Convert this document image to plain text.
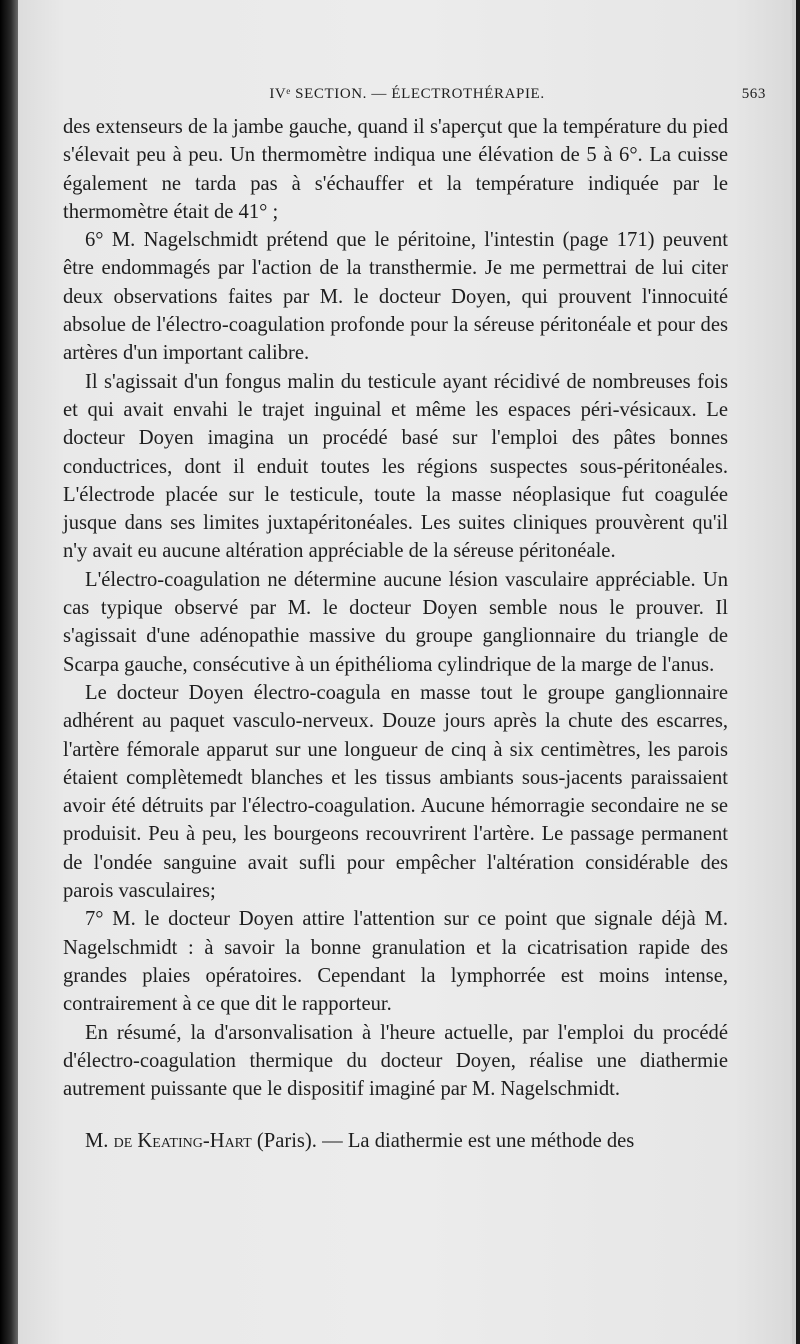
IVᵉ SECTION. — ÉLECTROTHÉRAPIE.	563

des extenseurs de la jambe gauche, quand il s'aperçut que la température du pied s'élevait peu à peu. Un thermomètre indiqua une élévation de 5 à 6°. La cuisse également ne tarda pas à s'échauffer et la température indiquée par le thermomètre était de 41° ;

6° M. Nagelschmidt prétend que le péritoine, l'intestin (page 171) peuvent être endommagés par l'action de la transthermie. Je me permettrai de lui citer deux observations faites par M. le docteur Doyen, qui prouvent l'innocuité absolue de l'électro-coagulation profonde pour la séreuse péritonéale et pour des artères d'un important calibre.

Il s'agissait d'un fongus malin du testicule ayant récidivé de nombreuses fois et qui avait envahi le trajet inguinal et même les espaces péri-vésicaux. Le docteur Doyen imagina un procédé basé sur l'emploi des pâtes bonnes conductrices, dont il enduit toutes les régions suspectes sous-péritonéales. L'électrode placée sur le testicule, toute la masse néoplasique fut coagulée jusque dans ses limites juxtapéritonéales. Les suites cliniques prouvèrent qu'il n'y avait eu aucune altération appréciable de la séreuse péritonéale.

L'électro-coagulation ne détermine aucune lésion vasculaire appréciable. Un cas typique observé par M. le docteur Doyen semble nous le prouver. Il s'agissait d'une adénopathie massive du groupe ganglionnaire du triangle de Scarpa gauche, consécutive à un épithélioma cylindrique de la marge de l'anus.

Le docteur Doyen électro-coagula en masse tout le groupe ganglionnaire adhérent au paquet vasculo-nerveux. Douze jours après la chute des escarres, l'artère fémorale apparut sur une longueur de cinq à six centimètres, les parois étaient complètemedt blanches et les tissus ambiants sous-jacents paraissaient avoir été détruits par l'électro-coagulation. Aucune hémorragie secondaire ne se produisit. Peu à peu, les bourgeons recouvrirent l'artère. Le passage permanent de l'ondée sanguine avait sufli pour empêcher l'altération considérable des parois vasculaires;

7° M. le docteur Doyen attire l'attention sur ce point que signale déjà M. Nagelschmidt : à savoir la bonne granulation et la cicatrisation rapide des grandes plaies opératoires. Cependant la lymphorrée est moins intense, contrairement à ce que dit le rapporteur.

En résumé, la d'arsonvalisation à l'heure actuelle, par l'emploi du procédé d'électro-coagulation thermique du docteur Doyen, réalise une diathermie autrement puissante que le dispositif imaginé par M. Nagelschmidt.

M. de Keating-Hart (Paris). — La diathermie est une méthode des
